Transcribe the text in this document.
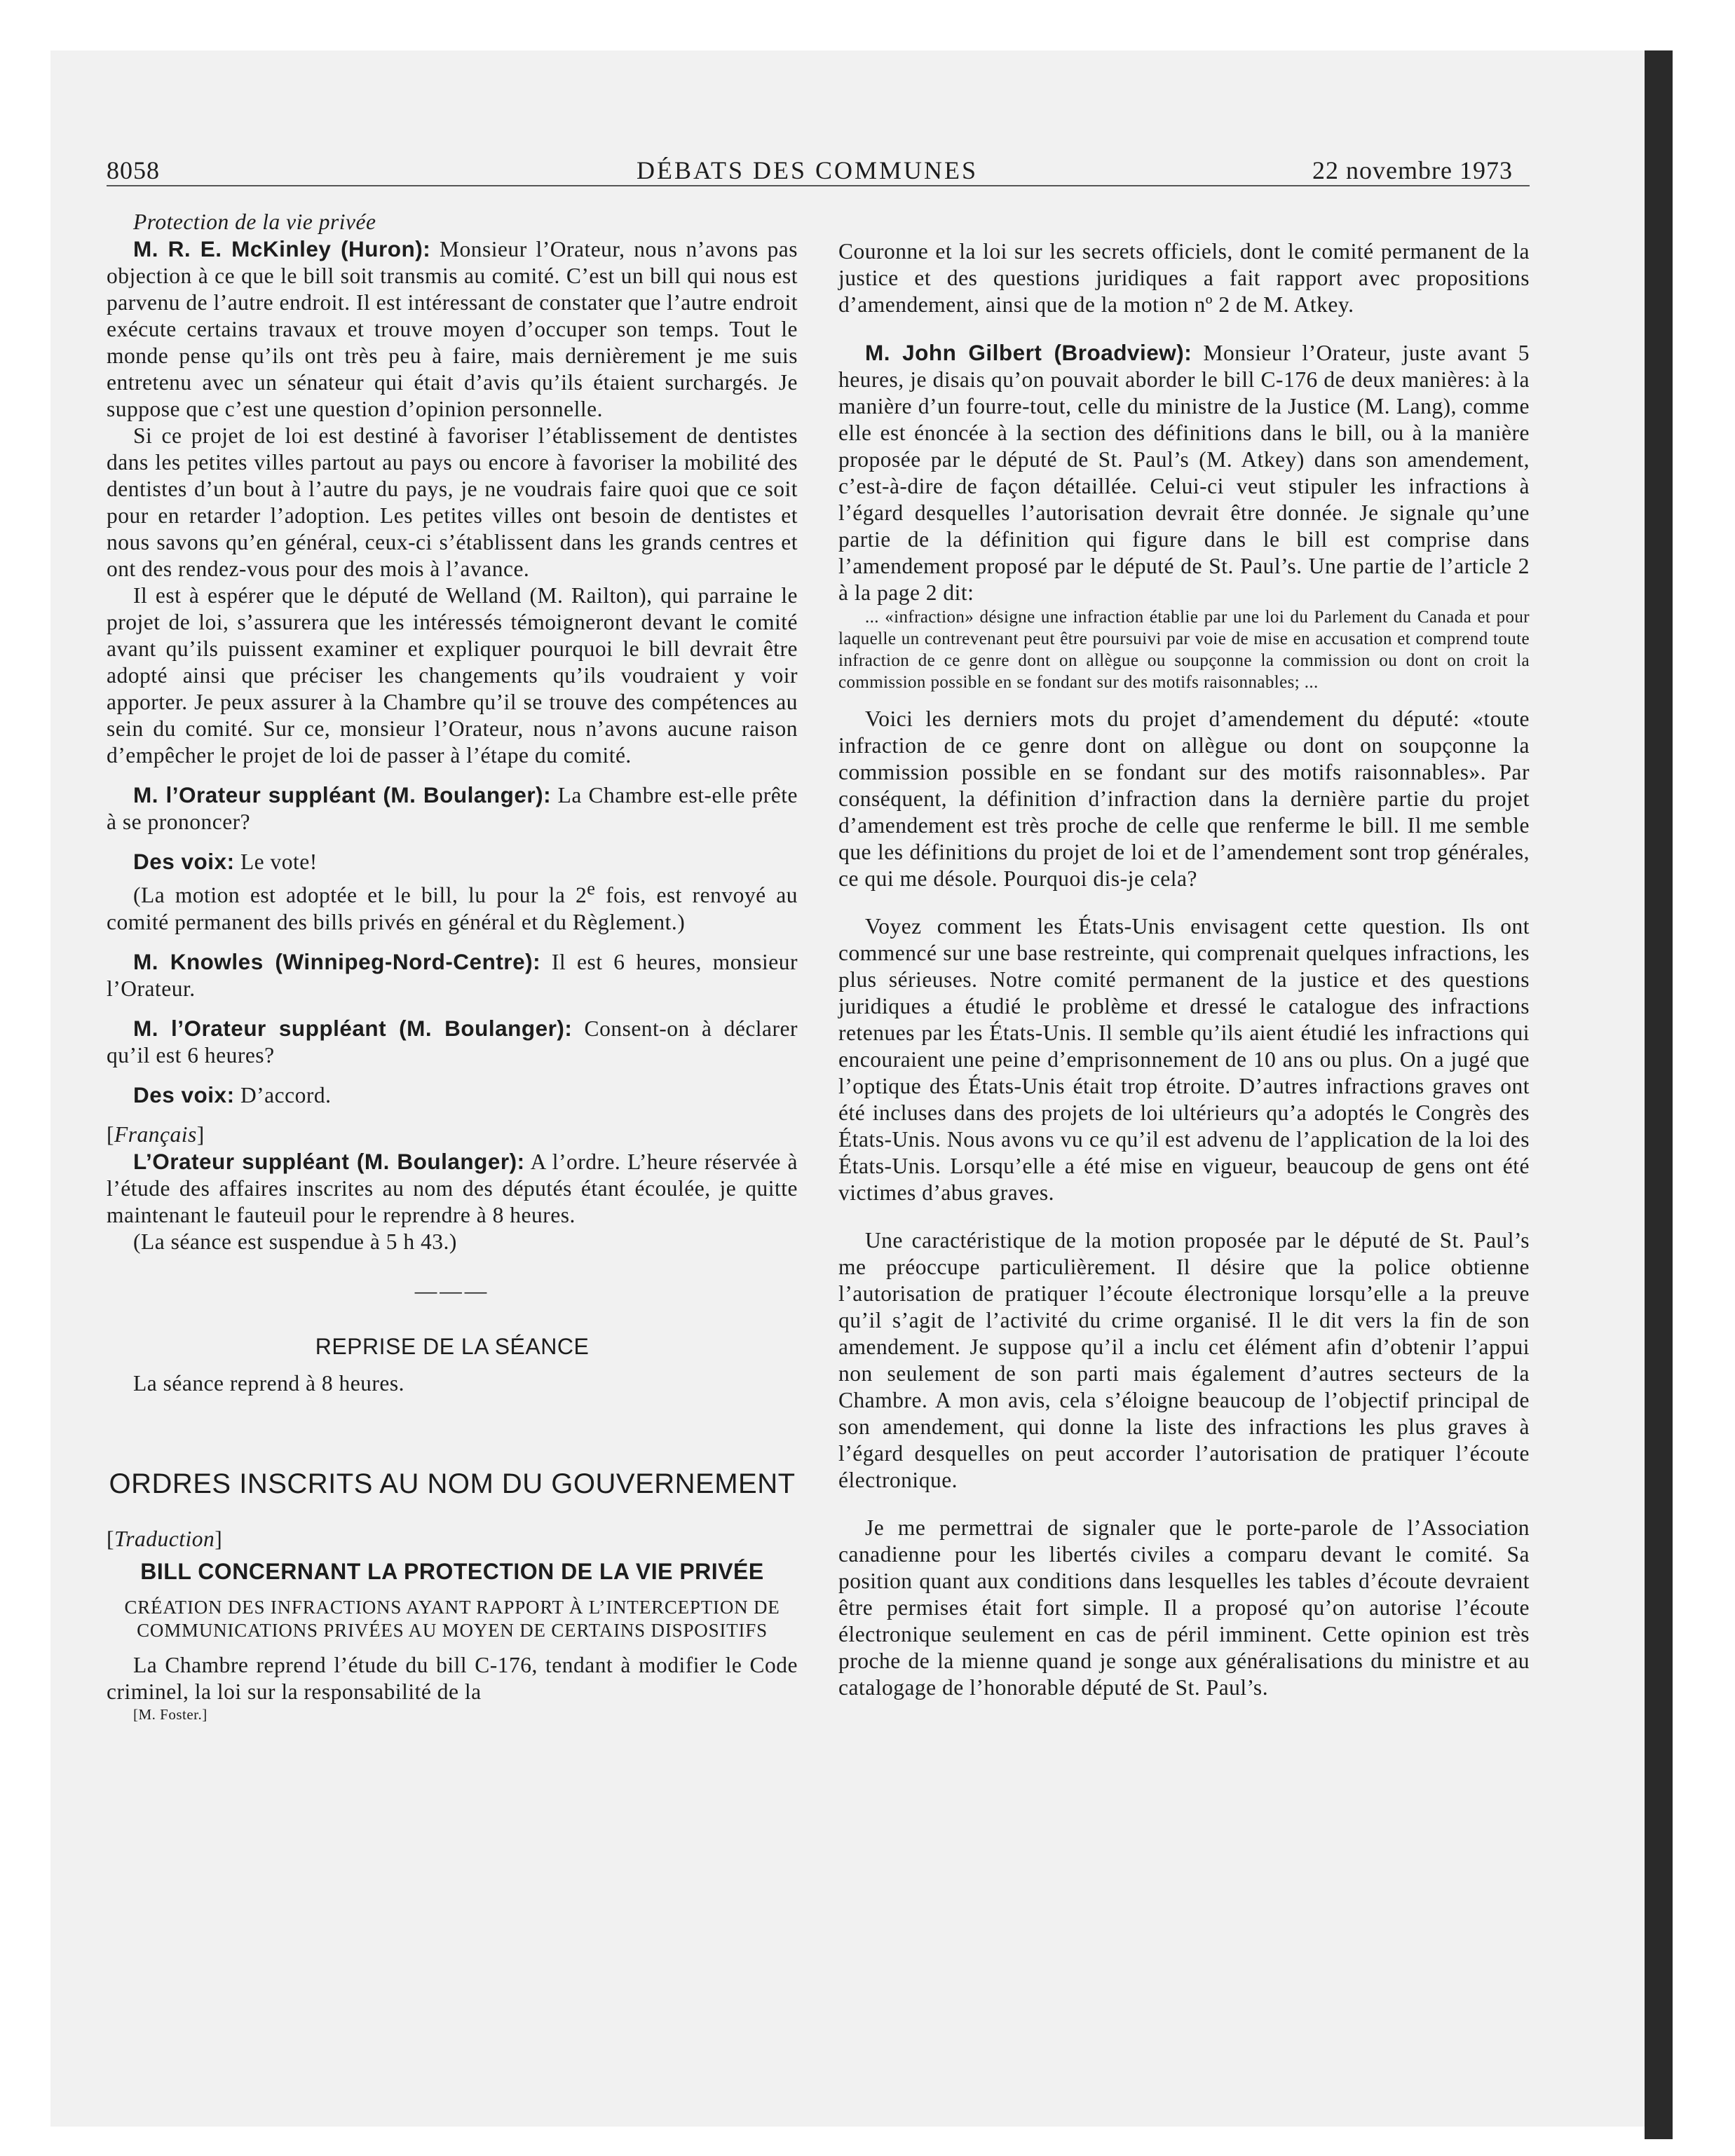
8058	DÉBATS DES COMMUNES	22 novembre 1973

Protection de la vie privée

M. R. E. McKinley (Huron): Monsieur l’Orateur, nous n’avons pas objection à ce que le bill soit transmis au comité. C’est un bill qui nous est parvenu de l’autre endroit. Il est intéressant de constater que l’autre endroit exécute certains travaux et trouve moyen d’occuper son temps. Tout le monde pense qu’ils ont très peu à faire, mais dernièrement je me suis entretenu avec un sénateur qui était d’avis qu’ils étaient surchargés. Je suppose que c’est une question d’opinion personnelle.

Si ce projet de loi est destiné à favoriser l’établissement de dentistes dans les petites villes partout au pays ou encore à favoriser la mobilité des dentistes d’un bout à l’autre du pays, je ne voudrais faire quoi que ce soit pour en retarder l’adoption. Les petites villes ont besoin de dentistes et nous savons qu’en général, ceux-ci s’établissent dans les grands centres et ont des rendez-vous pour des mois à l’avance.

Il est à espérer que le député de Welland (M. Railton), qui parraine le projet de loi, s’assurera que les intéressés témoigneront devant le comité avant qu’ils puissent examiner et expliquer pourquoi le bill devrait être adopté ainsi que préciser les changements qu’ils voudraient y voir apporter. Je peux assurer à la Chambre qu’il se trouve des compétences au sein du comité. Sur ce, monsieur l’Orateur, nous n’avons aucune raison d’empêcher le projet de loi de passer à l’étape du comité.

M. l’Orateur suppléant (M. Boulanger): La Chambre est-elle prête à se prononcer?

Des voix: Le vote!

(La motion est adoptée et le bill, lu pour la 2e fois, est renvoyé au comité permanent des bills privés en général et du Règlement.)

M. Knowles (Winnipeg-Nord-Centre): Il est 6 heures, monsieur l’Orateur.

M. l’Orateur suppléant (M. Boulanger): Consent-on à déclarer qu’il est 6 heures?

Des voix: D’accord.

[Français]

L’Orateur suppléant (M. Boulanger): A l’ordre. L’heure réservée à l’étude des affaires inscrites au nom des députés étant écoulée, je quitte maintenant le fauteuil pour le reprendre à 8 heures.

(La séance est suspendue à 5 h 43.)

———
REPRISE DE LA SÉANCE

La séance reprend à 8 heures.

ORDRES INSCRITS AU NOM DU GOUVERNEMENT

[Traduction]

BILL CONCERNANT LA PROTECTION DE LA VIE PRIVÉE
CRÉATION DES INFRACTIONS AYANT RAPPORT À L’INTERCEPTION DE COMMUNICATIONS PRIVÉES AU MOYEN DE CERTAINS DISPOSITIFS

La Chambre reprend l’étude du bill C-176, tendant à modifier le Code criminel, la loi sur la responsabilité de la

[M. Foster.]

Couronne et la loi sur les secrets officiels, dont le comité permanent de la justice et des questions juridiques a fait rapport avec propositions d’amendement, ainsi que de la motion nº 2 de M. Atkey.

M. John Gilbert (Broadview): Monsieur l’Orateur, juste avant 5 heures, je disais qu’on pouvait aborder le bill C-176 de deux manières: à la manière d’un fourre-tout, celle du ministre de la Justice (M. Lang), comme elle est énoncée à la section des définitions dans le bill, ou à la manière proposée par le député de St. Paul’s (M. Atkey) dans son amendement, c’est-à-dire de façon détaillée. Celui-ci veut stipuler les infractions à l’égard desquelles l’autorisation devrait être donnée. Je signale qu’une partie de la définition qui figure dans le bill est comprise dans l’amendement proposé par le député de St. Paul’s. Une partie de l’article 2 à la page 2 dit:

... «infraction» désigne une infraction établie par une loi du Parlement du Canada et pour laquelle un contrevenant peut être poursuivi par voie de mise en accusation et comprend toute infraction de ce genre dont on allègue ou soupçonne la commission ou dont on croit la commission possible en se fondant sur des motifs raisonnables; ...

Voici les derniers mots du projet d’amendement du député: «toute infraction de ce genre dont on allègue ou dont on soupçonne la commission possible en se fondant sur des motifs raisonnables». Par conséquent, la définition d’infraction dans la dernière partie du projet d’amendement est très proche de celle que renferme le bill. Il me semble que les définitions du projet de loi et de l’amendement sont trop générales, ce qui me désole. Pourquoi dis-je cela?

Voyez comment les États-Unis envisagent cette question. Ils ont commencé sur une base restreinte, qui comprenait quelques infractions, les plus sérieuses. Notre comité permanent de la justice et des questions juridiques a étudié le problème et dressé le catalogue des infractions retenues par les États-Unis. Il semble qu’ils aient étudié les infractions qui encouraient une peine d’emprisonnement de 10 ans ou plus. On a jugé que l’optique des États-Unis était trop étroite. D’autres infractions graves ont été incluses dans des projets de loi ultérieurs qu’a adoptés le Congrès des États-Unis. Nous avons vu ce qu’il est advenu de l’application de la loi des États-Unis. Lorsqu’elle a été mise en vigueur, beaucoup de gens ont été victimes d’abus graves.

Une caractéristique de la motion proposée par le député de St. Paul’s me préoccupe particulièrement. Il désire que la police obtienne l’autorisation de pratiquer l’écoute électronique lorsqu’elle a la preuve qu’il s’agit de l’activité du crime organisé. Il le dit vers la fin de son amendement. Je suppose qu’il a inclu cet élément afin d’obtenir l’appui non seulement de son parti mais également d’autres secteurs de la Chambre. A mon avis, cela s’éloigne beaucoup de l’objectif principal de son amendement, qui donne la liste des infractions les plus graves à l’égard desquelles on peut accorder l’autorisation de pratiquer l’écoute électronique.

Je me permettrai de signaler que le porte-parole de l’Association canadienne pour les libertés civiles a comparu devant le comité. Sa position quant aux conditions dans lesquelles les tables d’écoute devraient être permises était fort simple. Il a proposé qu’on autorise l’écoute électronique seulement en cas de péril imminent. Cette opinion est très proche de la mienne quand je songe aux généralisations du ministre et au catalogage de l’honorable député de St. Paul’s.
